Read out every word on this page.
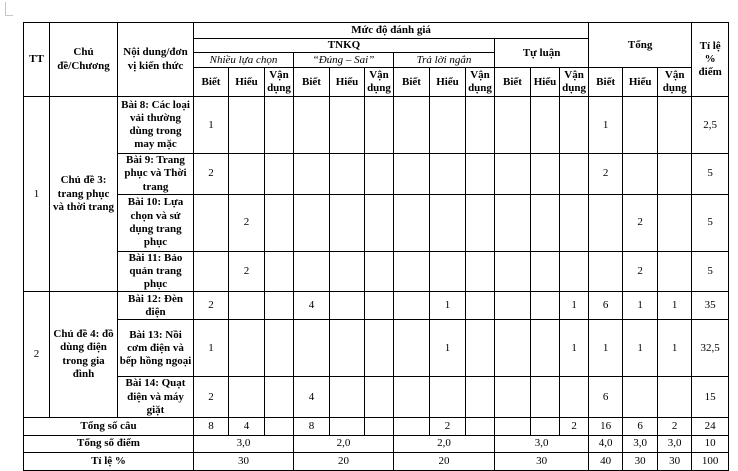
TT	Chủ đề/Chương	Nội dung/đơn vị kiến thức	Mức độ đánh giá												Tổng			Tỉ lệ % điểm
			TNKQ									Tự luận						
			Nhiều lựa chọn			“Đúng – Sai”			Trả lời ngắn									
			Biết	Hiểu	Vận dụng	Biết	Hiểu	Vận dụng	Biết	Hiểu	Vận dụng	Biết	Hiểu	Vận dụng	Biết	Hiểu	Vận dụng	
1	Chủ đề 3: trang phục và thời trang	Bài 8: Các loại vải thường dùng trong may mặc	1												1			2,5
		Bài 9: Trang phục và Thời trang	2												2			5
		Bài 10: Lựa chọn và sử dụng trang phục		2												2		5
		Bài 11: Bảo quản trang phục		2												2		5
2	Chủ đề 4: đồ dùng điện trong gia đình	Bài 12: Đèn điện	2			4				1				1	6	1	1	35
		Bài 13: Nồi cơm điện và bếp hồng ngoại	1							1				1	1	1	1	32,5
		Bài 14: Quạt điện và máy giặt	2			4									6			15
Tổng số câu			8	4		8				2				2	16	6	2	24
Tổng số điểm			3,0			2,0			2,0			3,0			4,0	3,0	3,0	10
Tỉ lệ %			30			20			20			30			40	30	30	100
